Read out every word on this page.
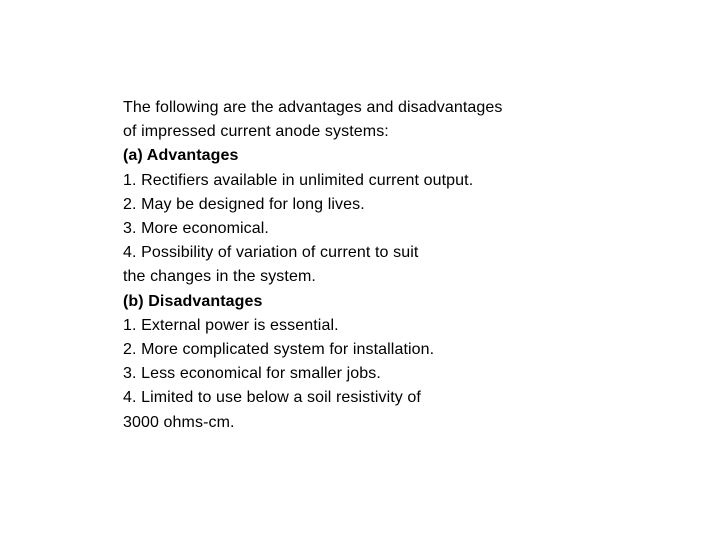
The following are the advantages and disadvantages
of impressed current anode systems:
(a) Advantages
1. Rectifiers available in unlimited current output.
2. May be designed for long lives.
3. More economical.
4. Possibility of variation of current to suit
the changes in the system.
(b) Disadvantages
1. External power is essential.
2. More complicated system for installation.
3. Less economical for smaller jobs.
4. Limited to use below a soil resistivity of
3000 ohms-cm.
